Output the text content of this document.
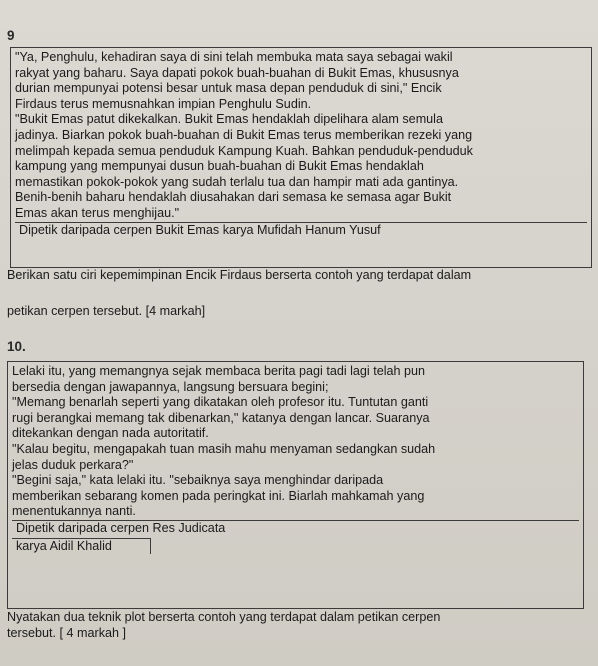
9

"Ya, Penghulu, kehadiran saya di sini telah membuka mata saya sebagai wakil

rakyat yang baharu. Saya dapati pokok buah-buahan di Bukit Emas, khususnya

durian mempunyai potensi besar untuk masa depan penduduk di sini," Encik

Firdaus terus memusnahkan impian Penghulu Sudin.

"Bukit Emas patut dikekalkan. Bukit Emas hendaklah dipelihara alam semula

jadinya. Biarkan pokok buah-buahan di Bukit Emas terus memberikan rezeki yang

melimpah kepada semua penduduk Kampung Kuah. Bahkan penduduk-penduduk

kampung yang mempunyai dusun buah-buahan di Bukit Emas hendaklah

memastikan pokok-pokok yang sudah terlalu tua dan hampir mati ada gantinya.

Benih-benih baharu hendaklah diusahakan dari semasa ke semasa agar Bukit

Emas akan terus menghijau."

Dipetik daripada cerpen Bukit Emas karya Mufidah Hanum Yusuf

Berikan satu ciri kepemimpinan Encik Firdaus berserta contoh yang terdapat dalam

petikan cerpen tersebut. [4 markah]

10.

Lelaki itu, yang memangnya sejak membaca berita pagi tadi lagi telah pun

bersedia dengan jawapannya, langsung bersuara begini;

"Memang benarlah seperti yang dikatakan oleh profesor itu. Tuntutan ganti

rugi berangkai memang tak dibenarkan," katanya dengan lancar. Suaranya

ditekankan dengan nada autoritatif.

"Kalau begitu, mengapakah tuan masih mahu menyaman sedangkan sudah

jelas duduk perkara?"

"Begini saja," kata lelaki itu. "sebaiknya saya menghindar daripada

memberikan sebarang komen pada peringkat ini. Biarlah mahkamah yang

menentukannya nanti.

Dipetik daripada cerpen Res Judicata

karya Aidil Khalid

Nyatakan dua teknik plot berserta contoh yang terdapat dalam petikan cerpen

tersebut. [ 4 markah ]
